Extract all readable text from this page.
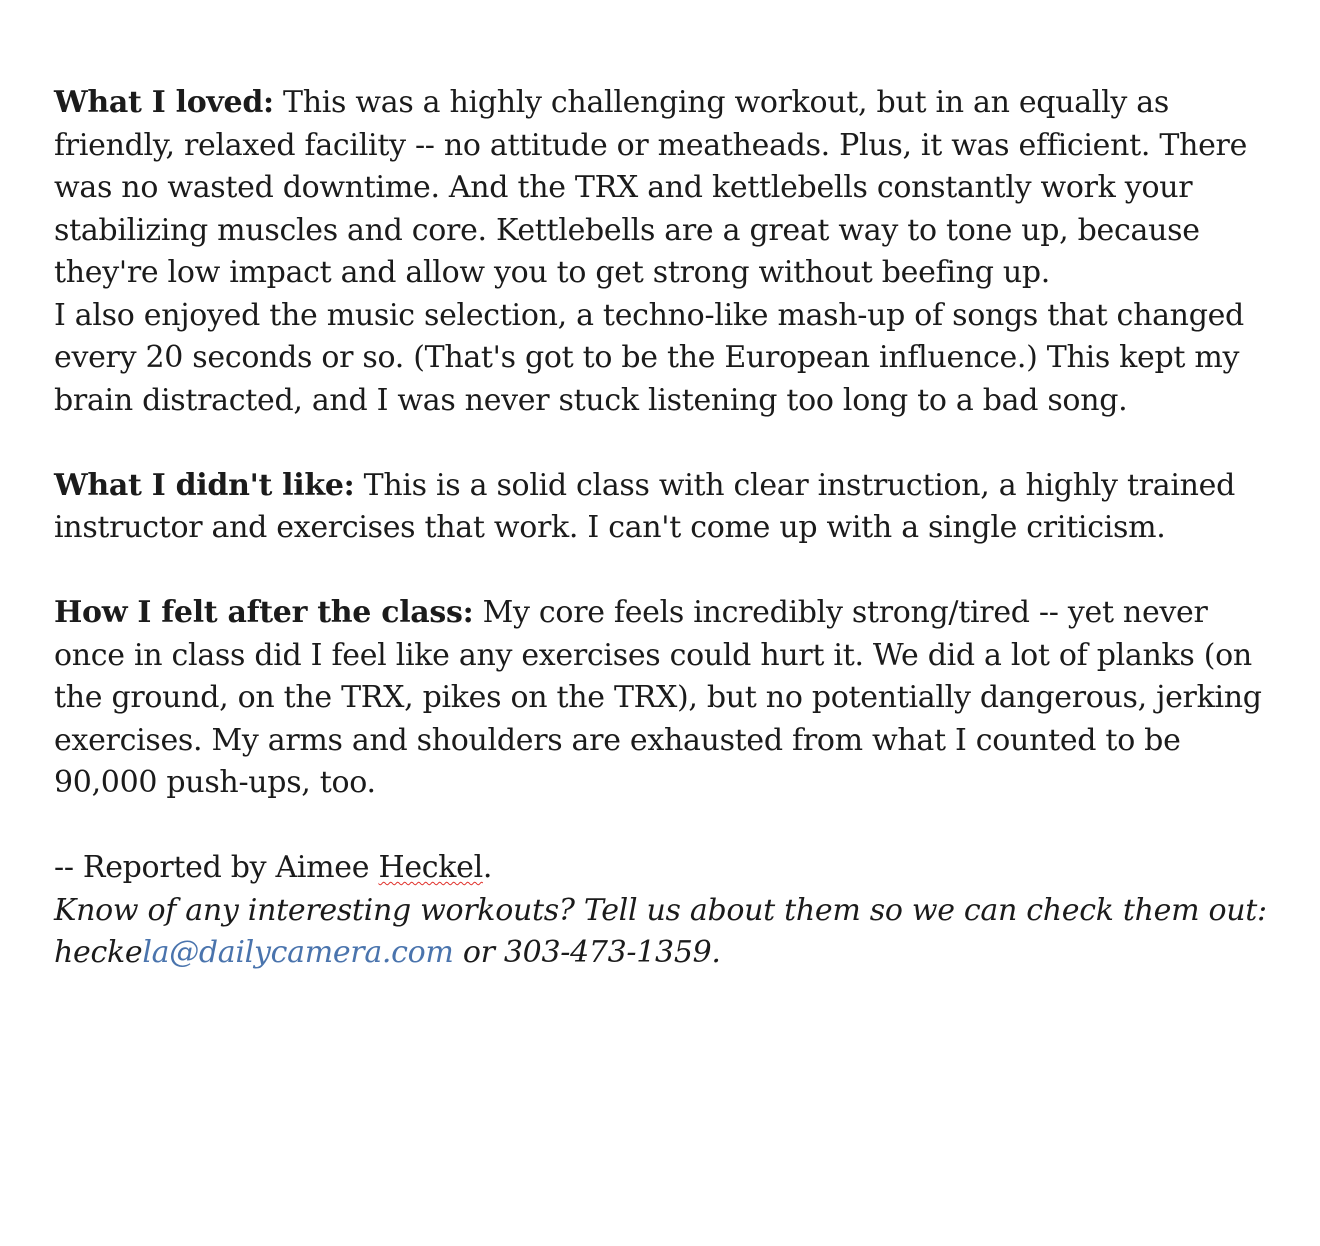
What I loved: This was a highly challenging workout, but in an equally as friendly, relaxed facility -- no attitude or meatheads. Plus, it was efficient. There was no wasted downtime. And the TRX and kettlebells constantly work your stabilizing muscles and core. Kettlebells are a great way to tone up, because they're low impact and allow you to get strong without beefing up.

I also enjoyed the music selection, a techno-like mash-up of songs that changed every 20 seconds or so. (That's got to be the European influence.) This kept my brain distracted, and I was never stuck listening too long to a bad song.

What I didn't like: This is a solid class with clear instruction, a highly trained instructor and exercises that work. I can't come up with a single criticism.

How I felt after the class: My core feels incredibly strong/tired -- yet never once in class did I feel like any exercises could hurt it. We did a lot of planks (on the ground, on the TRX, pikes on the TRX), but no potentially dangerous, jerking exercises. My arms and shoulders are exhausted from what I counted to be 90,000 push-ups, too.

-- Reported by Aimee Heckel.

Know of any interesting workouts? Tell us about them so we can check them out: heckela@dailycamera.com or 303-473-1359.
